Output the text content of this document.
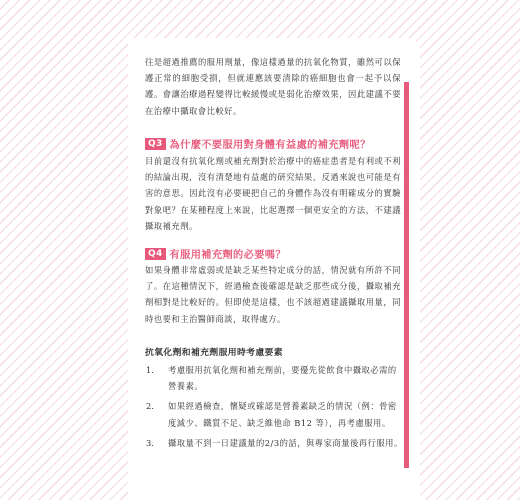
往是超過推薦的服用劑量，像這樣過量的抗氧化物質，雖然可以保護正常的細胞受損，但就連應該要清除的癌細胞也會一起予以保護。會讓治療過程變得比較緩慢或是弱化治療效果，因此建議不要在治療中攝取會比較好。

Q3 為什麼不要服用對身體有益處的補充劑呢？

目前還沒有抗氧化劑或補充劑對於治療中的癌症患者是有利或不利的結論出現，沒有清楚地有益處的研究結果，反過來說也可能是有害的意思。因此沒有必要硬把自己的身體作為沒有明確成分的實驗對象吧？在某種程度上來說，比起選擇一個更安全的方法，不建議攝取補充劑。

Q4 有服用補充劑的必要嗎？

如果身體非常虛弱或是缺乏某些特定成分的話，情況就有所許不同了。在這種情況下，經過檢查後確認是缺乏那些成分後，攝取補充劑相對是比較好的。但即使是這樣，也不該超過建議攝取用量，同時也要和主治醫師商談，取得處方。

抗氧化劑和補充劑服用時考慮要素
1.	考慮服用抗氧化劑和補充劑前，要優先從飲食中攝取必需的營養素。
2.	如果經過檢查，懷疑或確認是營養素缺乏的情況（例：骨密度減少、鐵質不足、缺乏維他命 B12 等），再考慮服用。
3.	攝取量不到一日建議量的2/3的話，與專家商量後再行服用。
